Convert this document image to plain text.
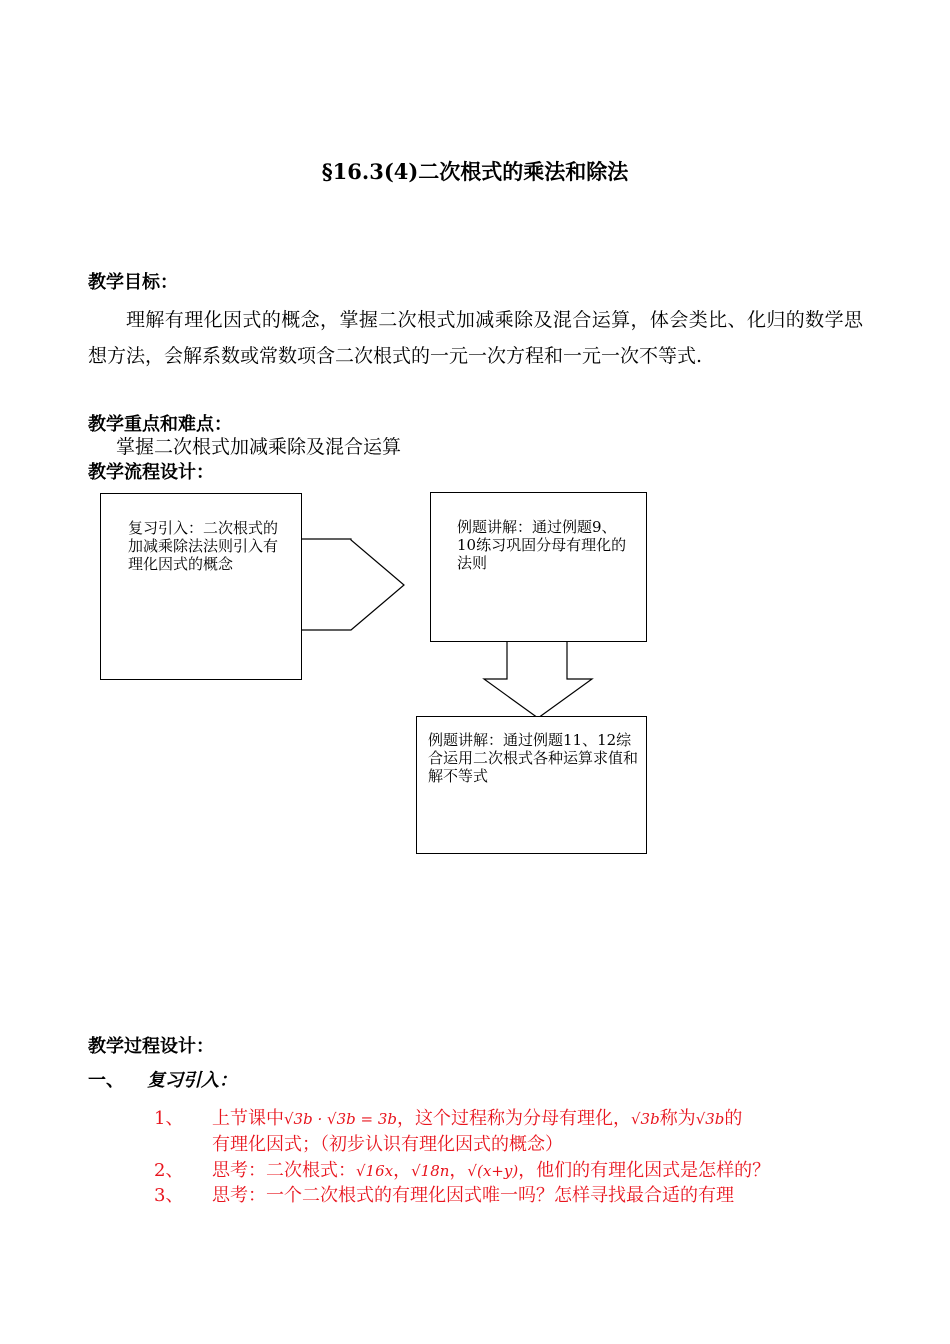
§16.3(4)二次根式的乘法和除法
教学目标：
理解有理化因式的概念，掌握二次根式加减乘除及混合运算，体会类比、化归的数学思想方法，会解系数或常数项含二次根式的一元一次方程和一元一次不等式.
教学重点和难点：
掌握二次根式加减乘除及混合运算
教学流程设计：
复习引入：二次根式的加减乘除法法则引入有理化因式的概念
例题讲解：通过例题9、10练习巩固分母有理化的法则
例题讲解：通过例题11、12综合运用二次根式各种运算求值和解不等式
教学过程设计：
一、 复习引入：
1、 上节课中√3b · √3b = 3b，这个过程称为分母有理化，√3b称为√3b的
有理化因式；（初步认识有理化因式的概念）
2、 思考：二次根式：√16x，√18n，√(x+y)，他们的有理化因式是怎样的？
3、 思考：一个二次根式的有理化因式唯一吗？怎样寻找最合适的有理
